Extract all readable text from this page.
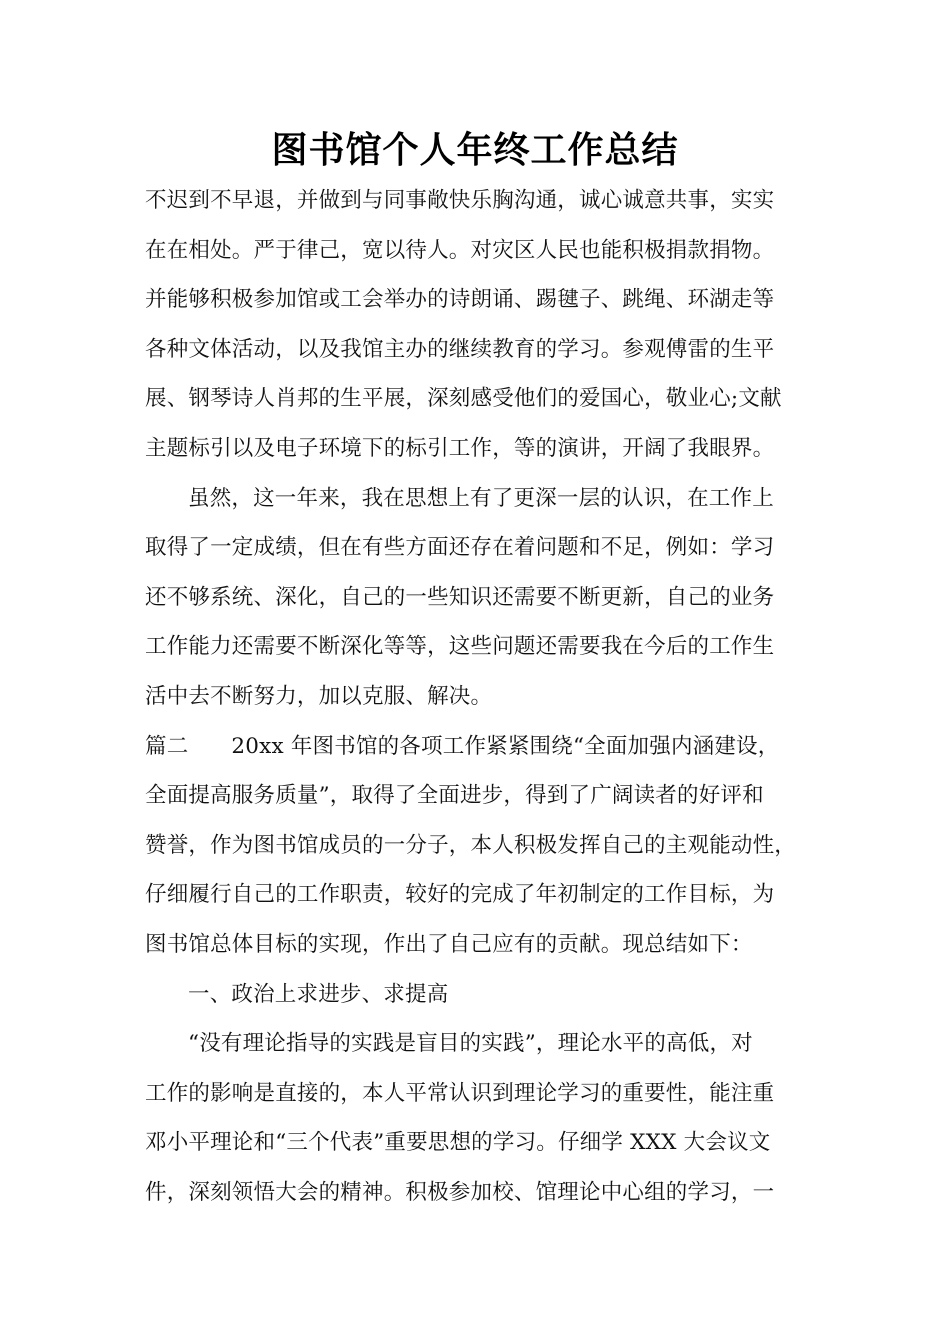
图书馆个人年终工作总结
不迟到不早退，并做到与同事敞快乐胸沟通，诚心诚意共事，实实
在在相处。严于律己，宽以待人。对灾区人民也能积极捐款捐物。
并能够积极参加馆或工会举办的诗朗诵、踢毽子、跳绳、环湖走等
各种文体活动，以及我馆主办的继续教育的学习。参观傅雷的生平
展、钢琴诗人肖邦的生平展，深刻感受他们的爱国心，敬业心;文献
主题标引以及电子环境下的标引工作，等的演讲，开阔了我眼界。
虽然，这一年来，我在思想上有了更深一层的认识，在工作上
取得了一定成绩，但在有些方面还存在着问题和不足，例如：学习
还不够系统、深化，自己的一些知识还需要不断更新，自己的业务
工作能力还需要不断深化等等，这些问题还需要我在今后的工作生
活中去不断努力，加以克服、解决。
篇二 20xx 年图书馆的各项工作紧紧围绕“全面加强内涵建设，
全面提高服务质量”，取得了全面进步，得到了广阔读者的好评和
赞誉，作为图书馆成员的一分子，本人积极发挥自己的主观能动性，
仔细履行自己的工作职责，较好的完成了年初制定的工作目标，为
图书馆总体目标的实现，作出了自己应有的贡献。现总结如下：
一、政治上求进步、求提高
“没有理论指导的实践是盲目的实践”，理论水平的高低，对
工作的影响是直接的，本人平常认识到理论学习的重要性，能注重
邓小平理论和“三个代表”重要思想的学习。仔细学 XXX 大会议文
件，深刻领悟大会的精神。积极参加校、馆理论中心组的学习，一
